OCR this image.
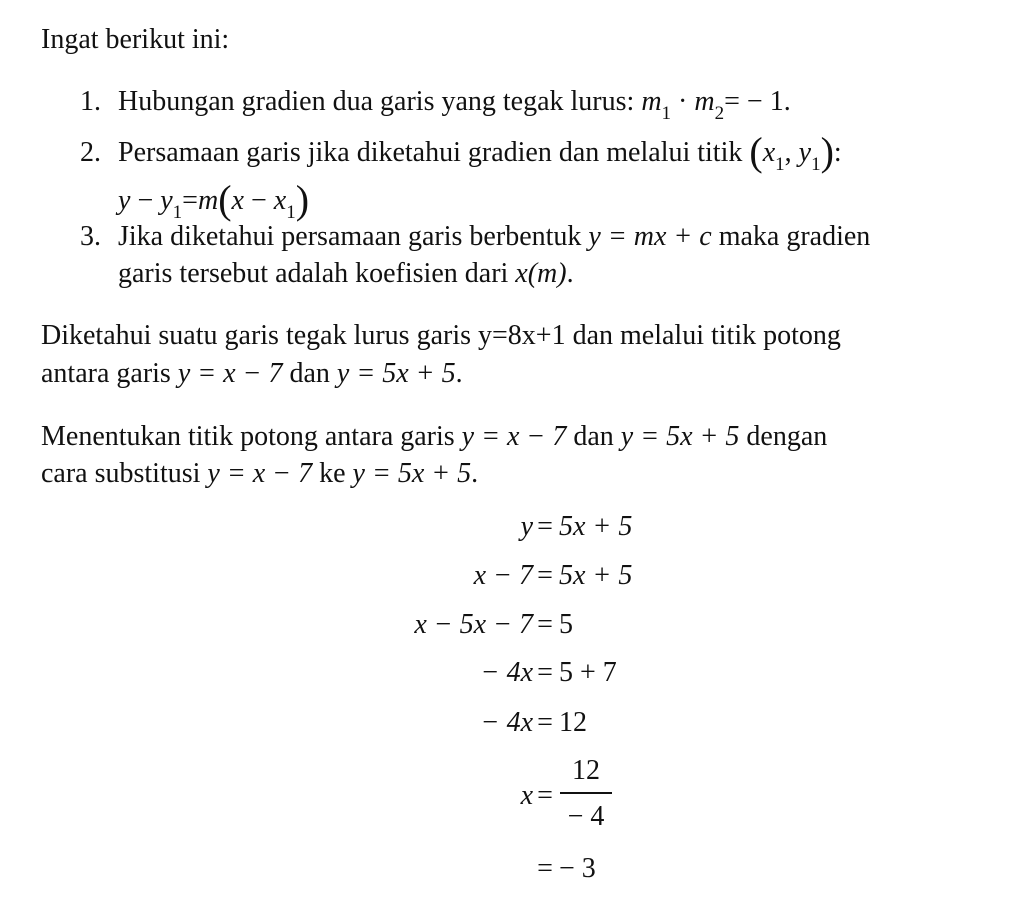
Ingat berikut ini:
1. Hubungan gradien dua garis yang tegak lurus: $m_1 \cdot m_2= - 1$.
2. Persamaan garis jika diketahui gradien dan melalui titik ($x_1$, $y_1$):
$y - y_1=m(x - x_1)$
3. Jika diketahui persamaan garis berbentuk y = mx + c maka gradien
garis tersebut adalah koefisien dari x(m).
Diketahui suatu garis tegak lurus garis y=8x+1 dan melalui titik potong
antara garis y = x − 7 dan y = 5x + 5.
Menentukan titik potong antara garis y = x − 7 dan y = 5x + 5 dengan
cara substitusi y = x − 7 ke y = 5x + 5.
y = 5x + 5
x − 7 = 5x + 5
x − 5x − 7 = 5
− 4x = 5 + 7
− 4x = 12
x =
12
− 4
= − 3
